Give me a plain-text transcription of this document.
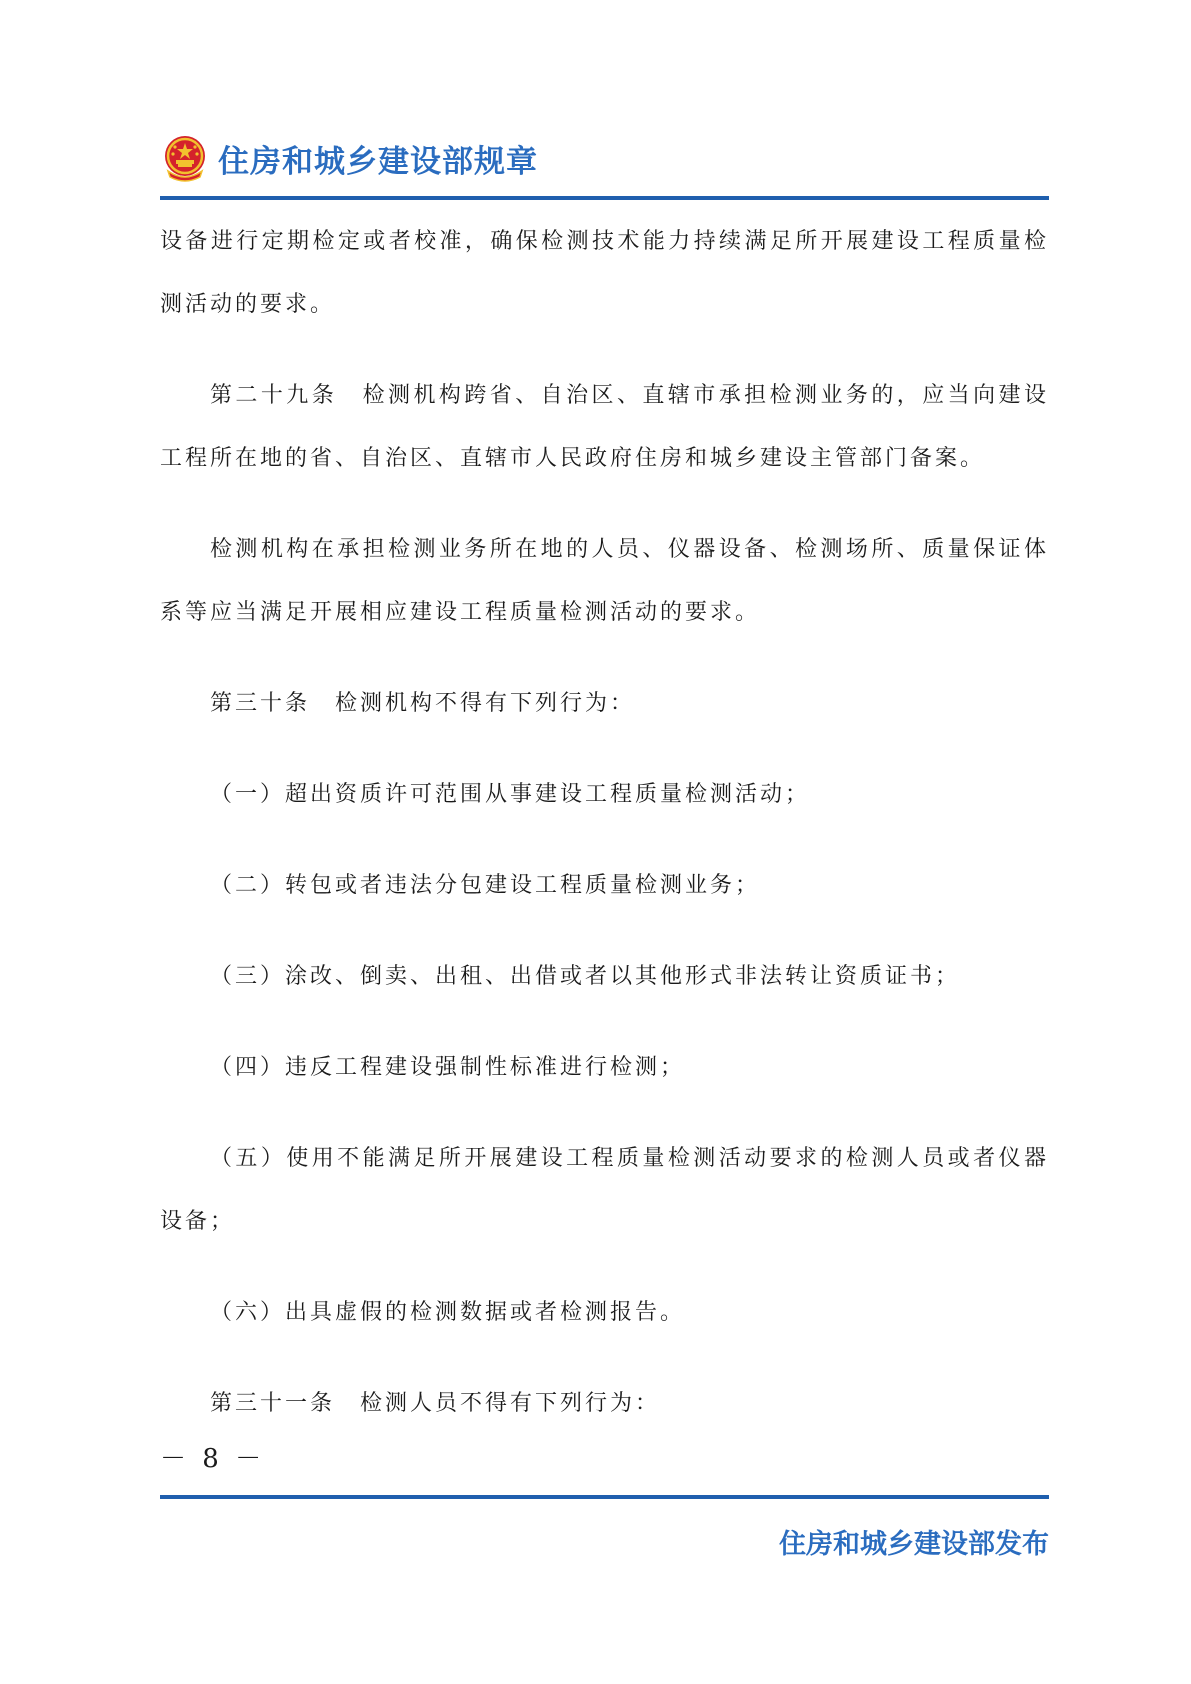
住房和城乡建设部规章

设备进行定期检定或者校准，确保检测技术能力持续满足所开展建设工程质量检测活动的要求。

第二十九条　检测机构跨省、自治区、直辖市承担检测业务的，应当向建设工程所在地的省、自治区、直辖市人民政府住房和城乡建设主管部门备案。

检测机构在承担检测业务所在地的人员、仪器设备、检测场所、质量保证体系等应当满足开展相应建设工程质量检测活动的要求。

第三十条　检测机构不得有下列行为：

（一）超出资质许可范围从事建设工程质量检测活动；

（二）转包或者违法分包建设工程质量检测业务；

（三）涂改、倒卖、出租、出借或者以其他形式非法转让资质证书；

（四）违反工程建设强制性标准进行检测；

（五）使用不能满足所开展建设工程质量检测活动要求的检测人员或者仪器设备；

（六）出具虚假的检测数据或者检测报告。

第三十一条　检测人员不得有下列行为：

－ 8 －
住房和城乡建设部发布
